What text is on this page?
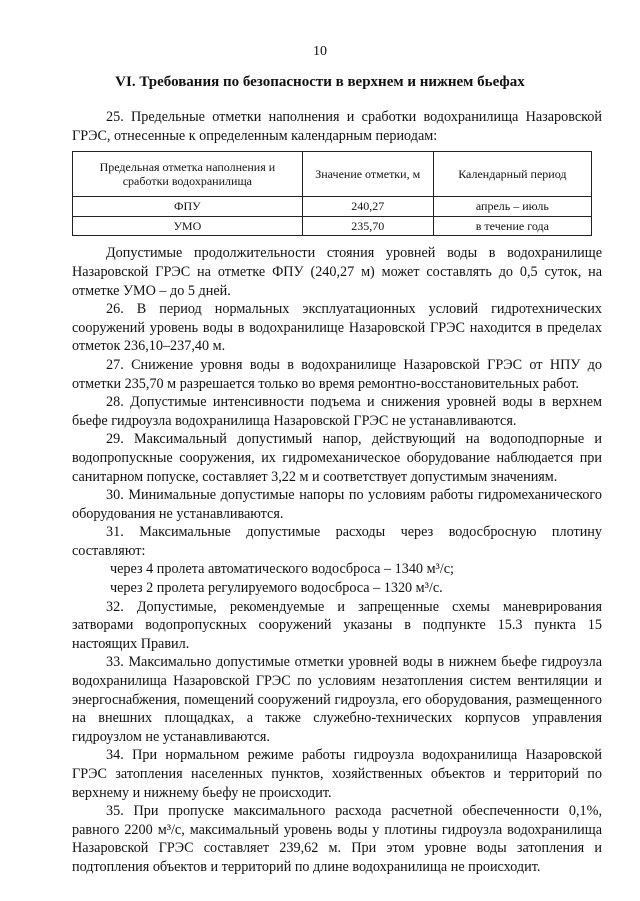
10
VI. Требования по безопасности в верхнем и нижнем бьефах

25. Предельные отметки наполнения и сработки водохранилища Назаровской ГРЭС, отнесенные к определенным календарным периодам:

Предельная отметка наполнения и сработки водохранилища	Значение отметки, м	Календарный период
ФПУ	240,27	апрель – июль
УМО	235,70	в течение года

Допустимые продолжительности стояния уровней воды в водохранилище Назаровской ГРЭС на отметке ФПУ (240,27 м) может составлять до 0,5 суток, на отметке УМО – до 5 дней.

26. В период нормальных эксплуатационных условий гидротехнических сооружений уровень воды в водохранилище Назаровской ГРЭС находится в пределах отметок 236,10–237,40 м.

27. Снижение уровня воды в водохранилище Назаровской ГРЭС от НПУ до отметки 235,70 м разрешается только во время ремонтно-восстановительных работ.

28. Допустимые интенсивности подъема и снижения уровней воды в верхнем бьефе гидроузла водохранилища Назаровской ГРЭС не устанавливаются.

29. Максимальный допустимый напор, действующий на водоподпорные и водопропускные сооружения, их гидромеханическое оборудование наблюдается при санитарном попуске, составляет 3,22 м и соответствует допустимым значениям.

30. Минимальные допустимые напоры по условиям работы гидромеханического оборудования не устанавливаются.

31. Максимальные допустимые расходы через водосбросную плотину составляют:

через 4 пролета автоматического водосброса – 1340 м³/с;

через 2 пролета регулируемого водосброса – 1320 м³/с.

32. Допустимые, рекомендуемые и запрещенные схемы маневрирования затворами водопропускных сооружений указаны в подпункте 15.3 пункта 15 настоящих Правил.

33. Максимально допустимые отметки уровней воды в нижнем бьефе гидроузла водохранилища Назаровской ГРЭС по условиям незатопления систем вентиляции и энергоснабжения, помещений сооружений гидроузла, его оборудования, размещенного на внешних площадках, а также служебно-технических корпусов управления гидроузлом не устанавливаются.

34. При нормальном режиме работы гидроузла водохранилища Назаровской ГРЭС затопления населенных пунктов, хозяйственных объектов и территорий по верхнему и нижнему бьефу не происходит.

35. При пропуске максимального расхода расчетной обеспеченности 0,1%, равного 2200 м³/с, максимальный уровень воды у плотины гидроузла водохранилища Назаровской ГРЭС составляет 239,62 м. При этом уровне воды затопления и подтопления объектов и территорий по длине водохранилища не происходит.
